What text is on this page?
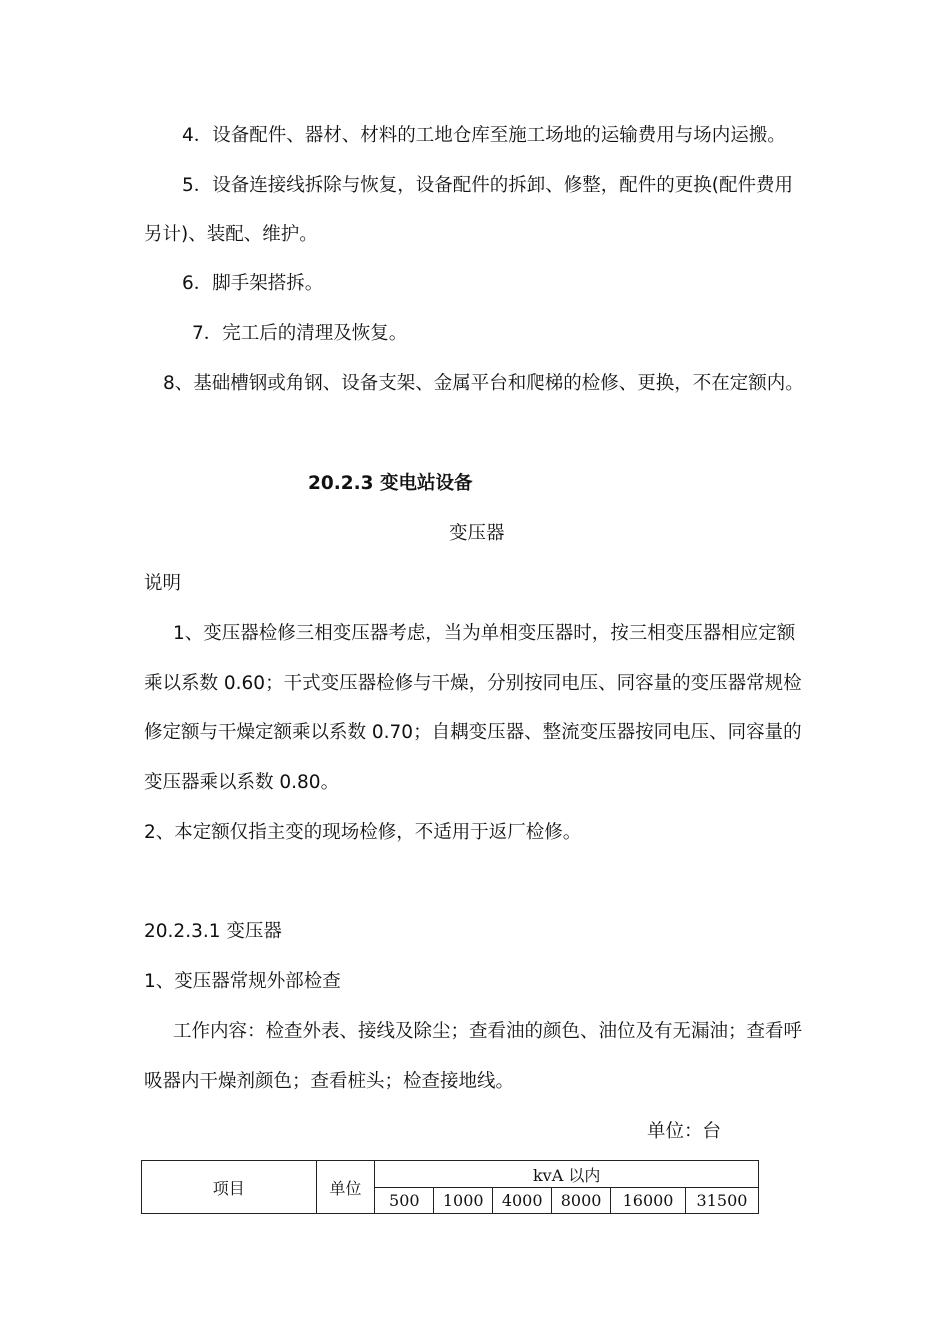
4．设备配件、器材、材料的工地仓库至施工场地的运输费用与场内运搬。
5．设备连接线拆除与恢复，设备配件的拆卸、修整，配件的更换(配件费用
另计)、装配、维护。
6．脚手架搭拆。
7．完工后的清理及恢复。
8、基础槽钢或角钢、设备支架、金属平台和爬梯的检修、更换，不在定额内。
20.2.3 变电站设备
变压器
说明
1、变压器检修三相变压器考虑，当为单相变压器时，按三相变压器相应定额
乘以系数 0.60；干式变压器检修与干燥，分别按同电压、同容量的变压器常规检
修定额与干燥定额乘以系数 0.70；自耦变压器、整流变压器按同电压、同容量的
变压器乘以系数 0.80。
2、本定额仅指主变的现场检修，不适用于返厂检修。
20.2.3.1 变压器
1、变压器常规外部检查
工作内容：检查外表、接线及除尘；查看油的颜色、油位及有无漏油；查看呼
吸器内干燥剂颜色；查看桩头；检查接地线。
单位：台
项目	单位	kvA 以内					
		500	1000	4000	8000	16000	31500
